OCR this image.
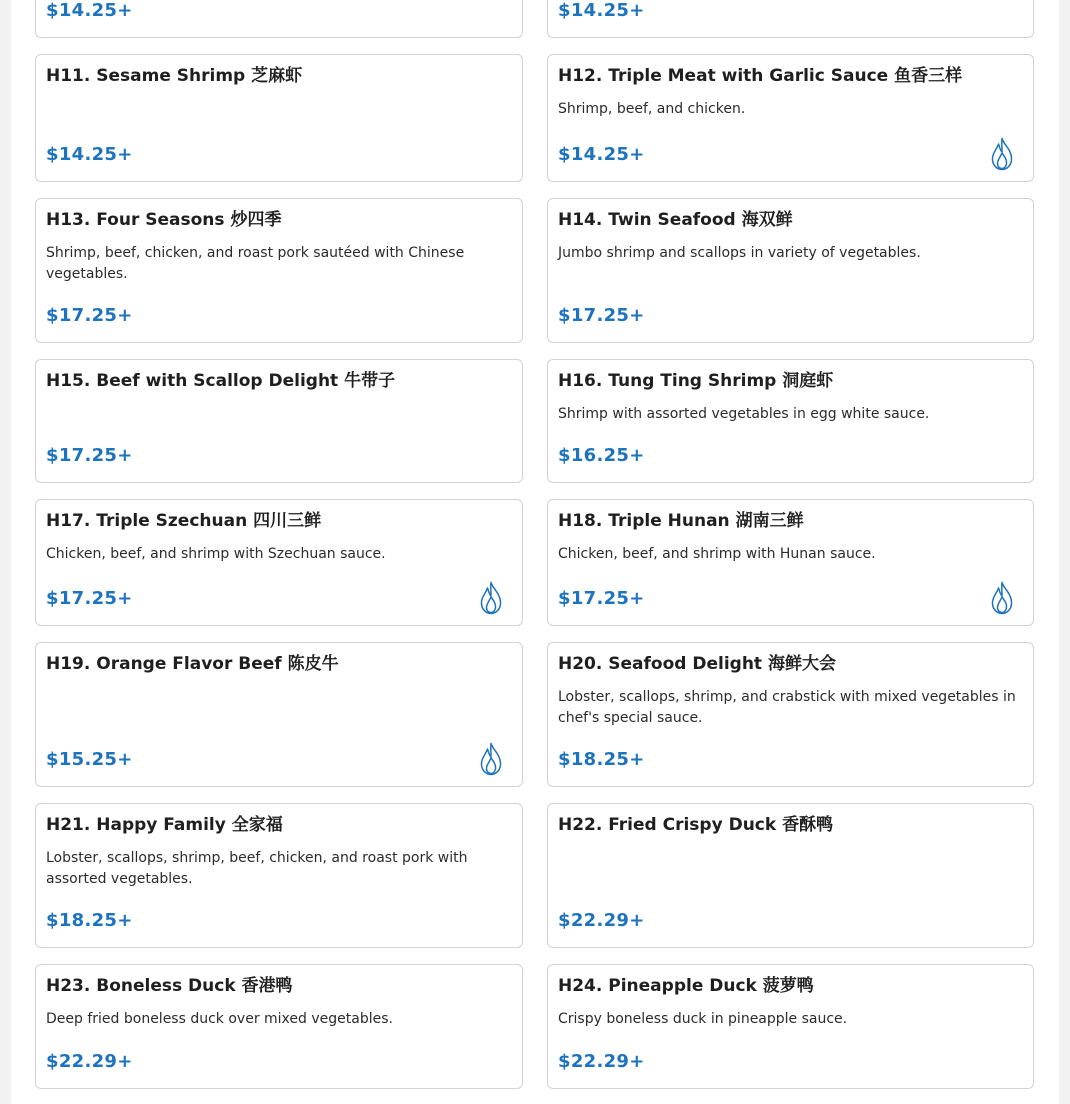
$14.25+	$14.25+
H11. Sesame Shrimp 芝麻虾
$14.25+
H12. Triple Meat with Garlic Sauce 鱼香三样
Shrimp, beef, and chicken.
$14.25+
H13. Four Seasons 炒四季
Shrimp, beef, chicken, and roast pork sautéed with Chinese vegetables.
$17.25+
H14. Twin Seafood 海双鲜
Jumbo shrimp and scallops in variety of vegetables.
$17.25+
H15. Beef with Scallop Delight 牛带子
$17.25+
H16. Tung Ting Shrimp 洞庭虾
Shrimp with assorted vegetables in egg white sauce.
$16.25+
H17. Triple Szechuan 四川三鲜
Chicken, beef, and shrimp with Szechuan sauce.
$17.25+
H18. Triple Hunan 湖南三鲜
Chicken, beef, and shrimp with Hunan sauce.
$17.25+
H19. Orange Flavor Beef 陈皮牛
$15.25+
H20. Seafood Delight 海鲜大会
Lobster, scallops, shrimp, and crabstick with mixed vegetables in chef's special sauce.
$18.25+
H21. Happy Family 全家福
Lobster, scallops, shrimp, beef, chicken, and roast pork with assorted vegetables.
$18.25+
H22. Fried Crispy Duck 香酥鸭
$22.29+
H23. Boneless Duck 香港鸭
Deep fried boneless duck over mixed vegetables.
$22.29+
H24. Pineapple Duck 菠萝鸭
Crispy boneless duck in pineapple sauce.
$22.29+
